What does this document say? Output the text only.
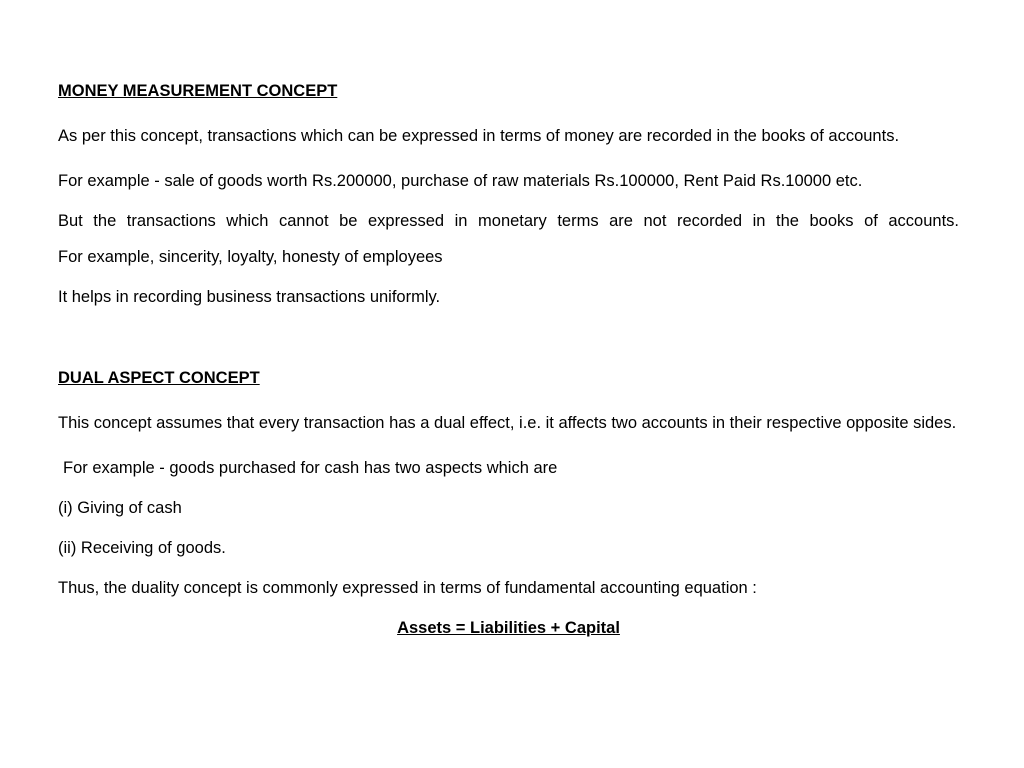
MONEY MEASUREMENT CONCEPT
As per this concept, transactions which can be expressed in terms of money are recorded in the books of accounts.
For example - sale of goods worth Rs.200000, purchase of raw materials Rs.100000, Rent Paid Rs.10000 etc.
But the transactions which cannot be expressed in monetary terms are not recorded in the books of accounts.
For example, sincerity, loyalty, honesty of employees
It helps in recording business transactions uniformly.
DUAL ASPECT CONCEPT
This concept assumes that every transaction has a dual effect, i.e. it affects two accounts in their respective opposite sides.
For example - goods purchased for cash has two aspects which are
(i) Giving of cash
(ii) Receiving of goods.
Thus, the duality concept is commonly expressed in terms of fundamental accounting equation :
Assets = Liabilities + Capital
